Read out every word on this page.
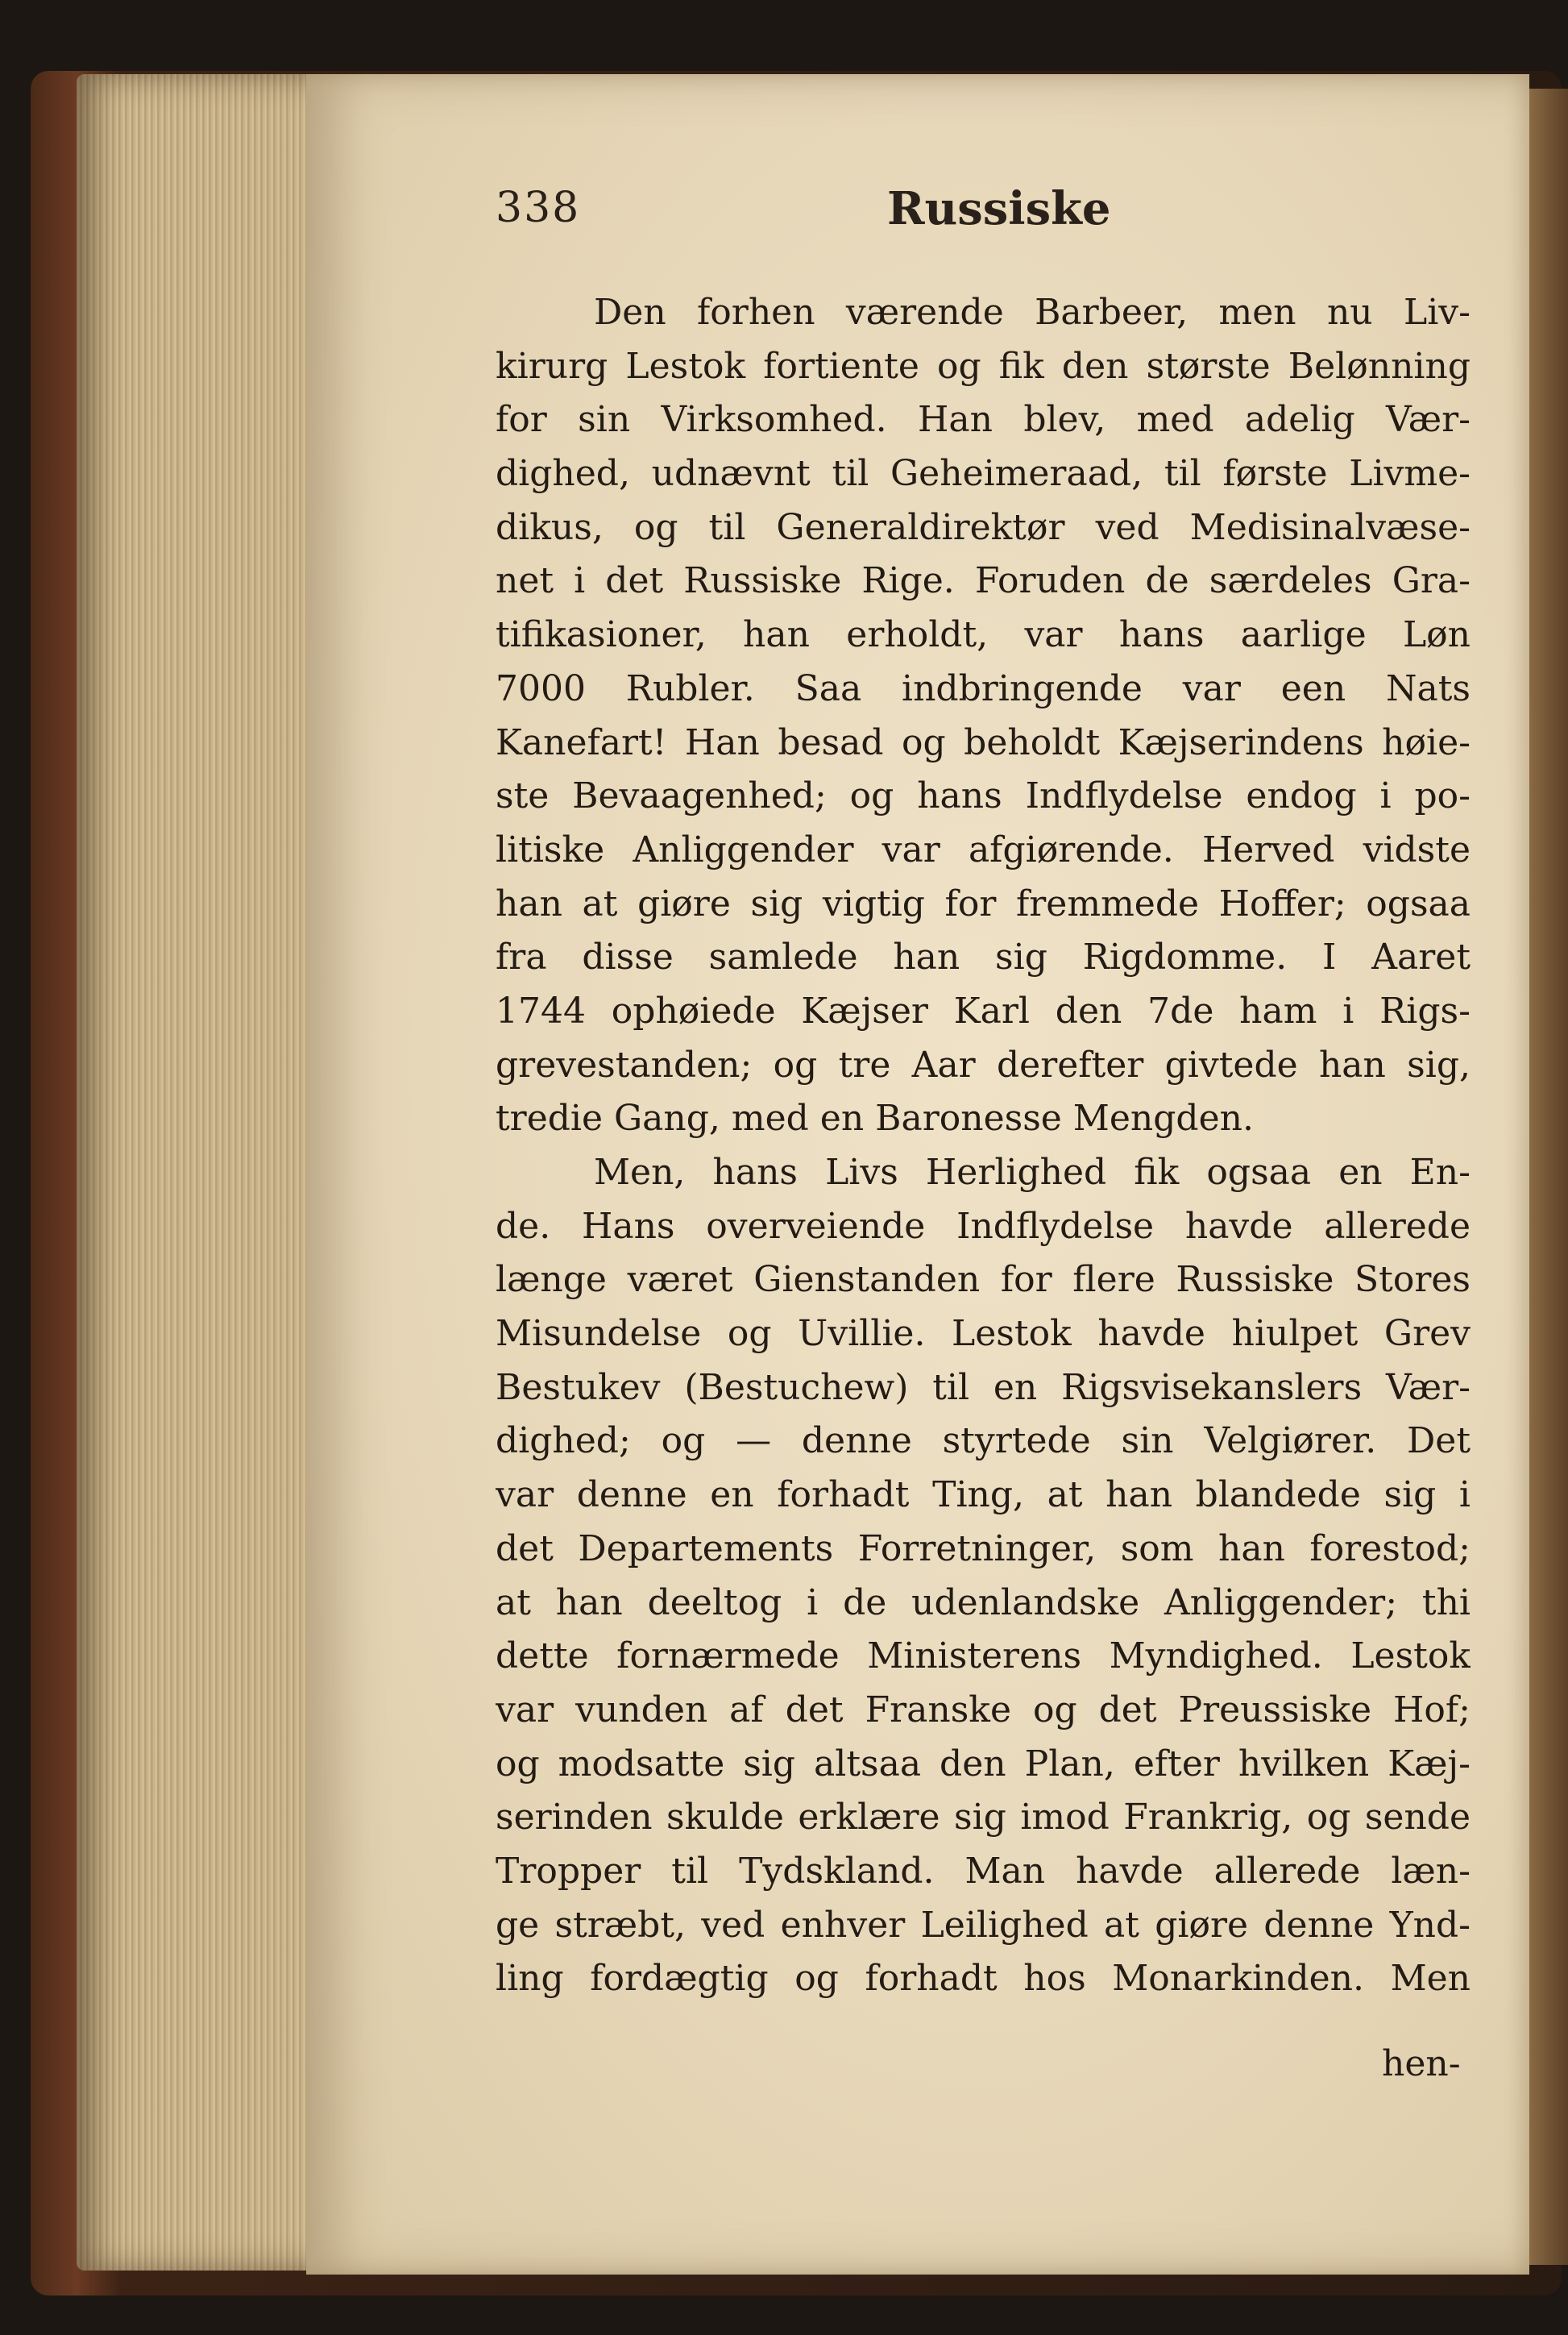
338	Russiske
Den forhen værende Barbeer, men nu Liv-
kirurg Lestok fortiente og fik den største Belønning
for sin Virksomhed. Han blev, med adelig Vær-
dighed, udnævnt til Geheimeraad, til første Livme-
dikus, og til Generaldirektør ved Medisinalvæse-
net i det Russiske Rige. Foruden de særdeles Gra-
tifikasioner, han erholdt, var hans aarlige Løn
7000 Rubler. Saa indbringende var een Nats
Kanefart! Han besad og beholdt Kæjserindens høie-
ste Bevaagenhed; og hans Indflydelse endog i po-
litiske Anliggender var afgiørende. Herved vidste
han at giøre sig vigtig for fremmede Hoffer; ogsaa
fra disse samlede han sig Rigdomme. I Aaret
1744 ophøiede Kæjser Karl den 7de ham i Rigs-
grevestanden; og tre Aar derefter givtede han sig,
tredie Gang, med en Baronesse Mengden.
Men, hans Livs Herlighed fik ogsaa en En-
de. Hans overveiende Indflydelse havde allerede
længe været Gienstanden for flere Russiske Stores
Misundelse og Uvillie. Lestok havde hiulpet Grev
Bestukev (Bestuchew) til en Rigsvisekanslers Vær-
dighed; og — denne styrtede sin Velgiører. Det
var denne en forhadt Ting, at han blandede sig i
det Departements Forretninger, som han forestod;
at han deeltog i de udenlandske Anliggender; thi
dette fornærmede Ministerens Myndighed. Lestok
var vunden af det Franske og det Preussiske Hof;
og modsatte sig altsaa den Plan, efter hvilken Kæj-
serinden skulde erklære sig imod Frankrig, og sende
Tropper til Tydskland. Man havde allerede læn-
ge stræbt, ved enhver Leilighed at giøre denne Ynd-
ling fordægtig og forhadt hos Monarkinden. Men
hen-
